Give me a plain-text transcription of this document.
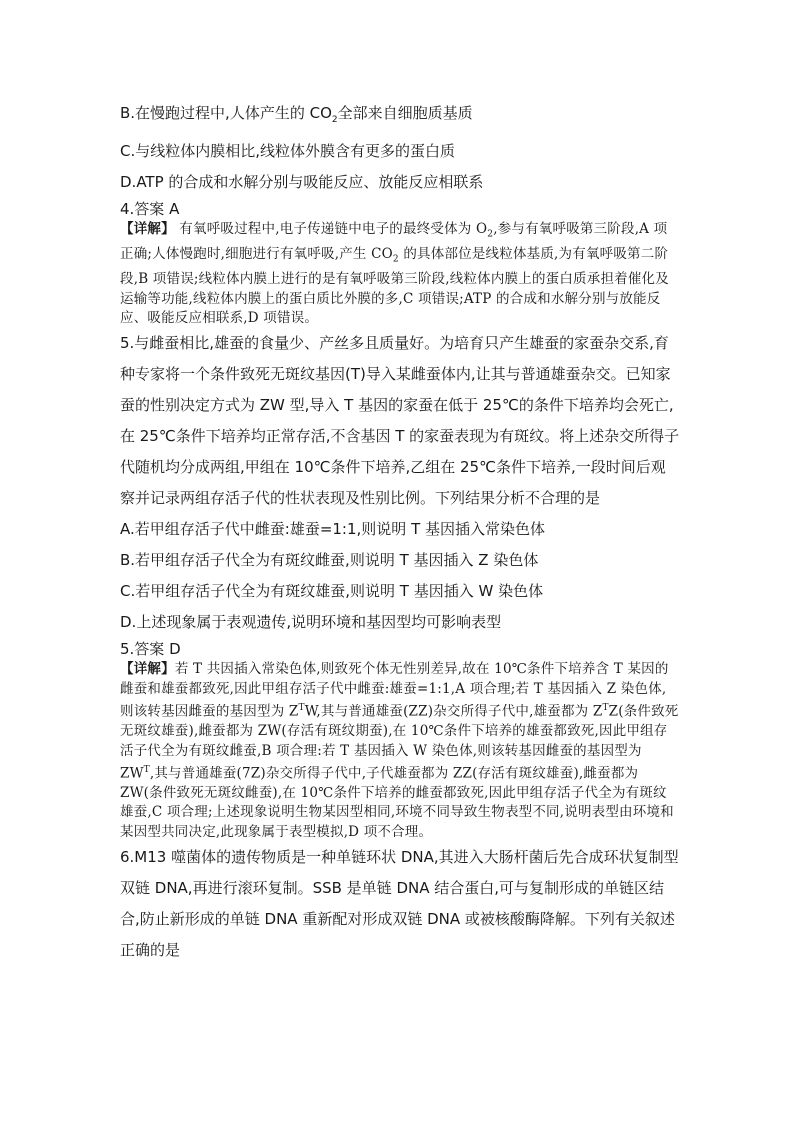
B.在慢跑过程中,人体产生的 $CO_2$全部来自细胞质基质

C.与线粒体内膜相比,线粒体外膜含有更多的蛋白质

D.ATP 的合成和水解分别与吸能反应、放能反应相联系

4.答案 A

【详解】 有氧呼吸过程中,电子传递链中电子的最终受体为 $O_2$,参与有氧呼吸第三阶段,A 项正确;人体慢跑时,细胞进行有氧呼吸,产生 $CO_2$ 的具体部位是线粒体基质,为有氧呼吸第二阶段,B 项错误;线粒体内膜上进行的是有氧呼吸第三阶段,线粒体内膜上的蛋白质承担着催化及运输等功能,线粒体内膜上的蛋白质比外膜的多,C 项错误;ATP 的合成和水解分别与放能反应、吸能反应相联系,D 项错误。

5.与雌蚕相比,雄蚕的食量少、产丝多且质量好。为培育只产生雄蚕的家蚕杂交系,育种专家将一个条件致死无斑纹基因(T)导入某雌蚕体内,让其与普通雄蚕杂交。已知家蚕的性别决定方式为 ZW 型,导入 T 基因的家蚕在低于 25℃的条件下培养均会死亡,在 25℃条件下培养均正常存活,不含基因 T 的家蚕表现为有斑纹。将上述杂交所得子代随机均分成两组,甲组在 10℃条件下培养,乙组在 25℃条件下培养,一段时间后观察并记录两组存活子代的性状表现及性别比例。下列结果分析不合理的是

A.若甲组存活子代中雌蚕:雄蚕=1:1,则说明 T 基因插入常染色体

B.若甲组存活子代全为有斑纹雌蚕,则说明 T 基因插入 Z 染色体

C.若甲组存活子代全为有斑纹雄蚕,则说明 T 基因插入 W 染色体

D.上述现象属于表观遗传,说明环境和基因型均可影响表型

5.答案 D

【详解】若 T 共因插入常染色体,则致死个体无性别差异,故在 10℃条件下培养含 T 某因的雌蚕和雄蚕都致死,因此甲组存活子代中雌蚕:雄蚕=1:1,A 项合理;若 T 基因插入 Z 染色体,则该转基因雌蚕的基因型为 $Z^TW$,其与普通雄蚕(ZZ)杂交所得子代中,雄蚕都为 $Z^TZ$(条件致死无斑纹雄蚕),雌蚕都为 ZW(存活有斑纹期蚕),在 10℃条件下培养的雄蚕都致死,因此甲组存活子代全为有斑纹雌蚕,B 项合理:若 T 基因插入 W 染色体,则该转基因雌蚕的基因型为 $ZW^T$,其与普通雄蚕(7Z)杂交所得子代中,子代雄蚕都为 ZZ(存活有斑纹雄蚕),雌蚕都为 ZW(条件致死无斑纹雌蚕),在 10℃条件下培养的雌蚕都致死,因此甲组存活子代全为有斑纹雄蚕,C 项合理;上述现象说明生物某因型相同,环境不同导致生物表型不同,说明表型由环境和某因型共同决定,此现象属于表型模拟,D 项不合理。

6.M13 噬菌体的遗传物质是一种单链环状 DNA,其进入大肠杆菌后先合成环状复制型双链 DNA,再进行滚环复制。SSB 是单链 DNA 结合蛋白,可与复制形成的单链区结合,防止新形成的单链 DNA 重新配对形成双链 DNA 或被核酸酶降解。下列有关叙述正确的是
